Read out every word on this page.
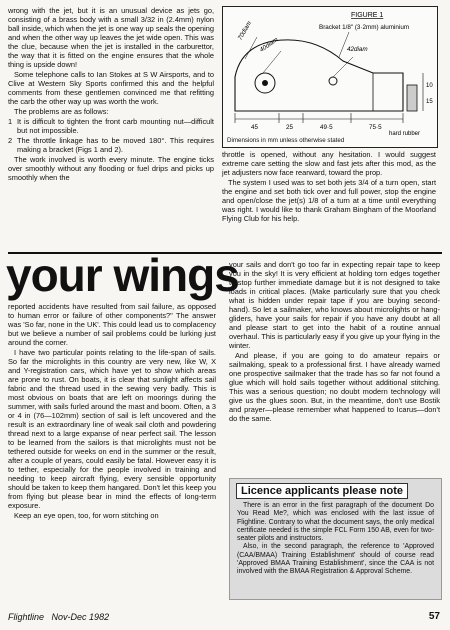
wrong with the jet, but it is an unusual device as jets go, consisting of a brass body with a small 3/32 in (2.4mm) nylon ball inside, which when the jet is one way up seals the opening and when the other way up leaves the jet wide open. This was the clue, because when the jet is installed in the carburettor, the way that it is fitted on the engine ensures that the whole thing is upside down!

Some telephone calls to Ian Stokes at S W Airsports, and to Clive at Western Sky Sports confirmed this and the helpful comments from these gentlemen convinced me that refitting the carb the other way up was worth the work.

The problems are as follows:

1 It is difficult to tighten the front carb mounting nut—difficult but not impossible.
2 The throttle linkage has to be moved 180°. This requires making a bracket (Figs 1 and 2).

The work involved is worth every minute. The engine ticks over smoothly without any flooding or fuel drips and picks up smoothly when the

FIGURE 1
Bracket 1/8" (3·2mm) aluminium
70diam
40diam	42diam
45	25	49·5	75·5
10
15
hard rubber
Dimensions in mm unless otherwise stated

throttle is opened, without any hesitation. I would suggest extreme care setting the slow and fast jets after this mod, as the jet adjusters now face rearward, toward the prop.

The system I used was to set both jets 3/4 of a turn open, start the engine and set both tick over and full power, stop the engine and open/close the jet(s) 1/8 of a turn at a time until everything was right. I would like to thank Graham Bingham of the Moorland Flying Club for his help.

your wings

reported accidents have resulted from sail failure, as opposed to human error or failure of other components?" The answer was 'So far, none in the UK'. This could lead us to complacency but we believe a number of sail problems could be lurking just around the corner.

I have two particular points relating to the life-span of sails. So far the microlights in this country are very new, like W, X and Y-registration cars, which have yet to show which areas are prone to rust. On boats, it is clear that sunlight affects sail fabric and the thread used in the sewing very badly. This is most obvious on boats that are left on moorings during the summer, with sails furled around the mast and boom. Often, a 3 or 4 in (76—102mm) section of sail is left uncovered and the result is an extraordinary line of weak sail cloth and powdering thread next to a large expanse of near perfect sail. The lesson to be learned from the sailors is that microlights must not be tethered outside for weeks on end in the summer or the result, after a couple of years, could easily be fatal. However easy it is to tether, especially for the people involved in training and needing to keep aircraft flying, every sensible opportunity should be taken to keep them hangared. Don't let this keep you from flying but please bear in mind the effects of long-term exposure.

Keep an eye open, too, for worn stitching on

your sails and don't go too far in expecting repair tape to keep you in the sky! It is very efficient at holding torn edges together to stop further immediate damage but it is not designed to take loads in critical places. (Make particularly sure that you check what is hidden under repair tape if you are buying second-hand). So let a sailmaker, who knows about microlights or hang-gliders, have your sails for repair if you have any doubt at all and please start to get into the habit of a routine annual overhaul. This is particularly easy if you give up your flying in the winter.

And please, if you are going to do amateur repairs or sailmaking, speak to a professional first. I have already warned one prospective sailmaker that the trade has so far not found a glue which will hold sails together without additional stitching. This was a serious question; no doubt modern technology will give us the glues soon. But, in the meantime, don't use Bostik and prayer—please remember what happened to Icarus—don't do the same.

Licence applicants please note

There is an error in the first paragraph of the document Do You Read Me?, which was enclosed with the last issue of Flightline. Contrary to what the document says, the only medical certificate needed is the simple FCL Form 150 AB, even for two-seater pilots and instructors.

Also, in the second paragraph, the reference to 'Approved (CAA/BMAA) Training Establishment' should of course read 'Approved BMAA Training Establishment', since the CAA is not involved with the BMAA Registration & Approval Scheme.

Flightline Nov-Dec 1982	57
